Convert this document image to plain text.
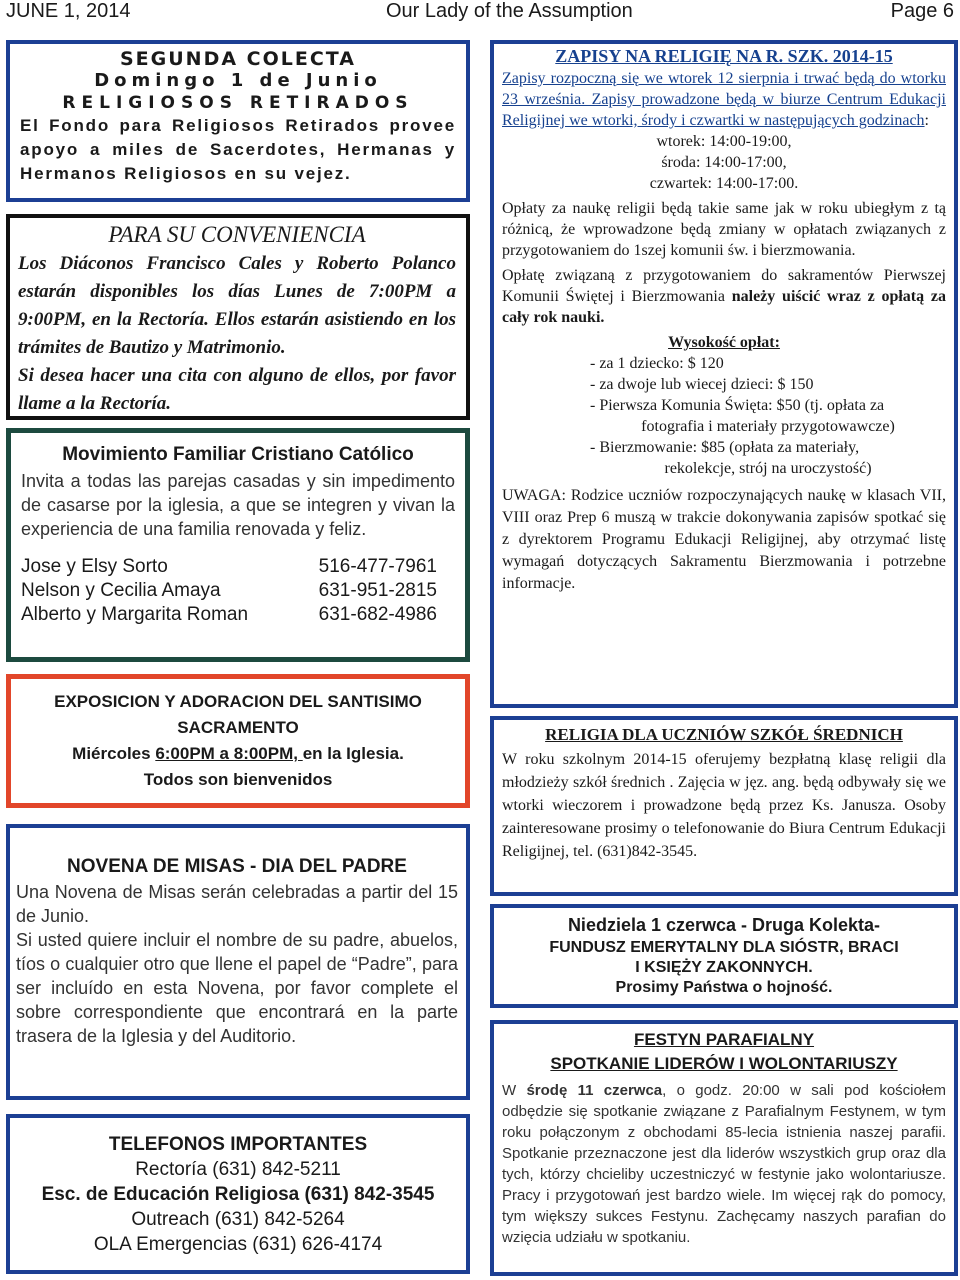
JUNE 1, 2014	Our Lady of the Assumption	Page 6

SEGUNDA COLECTA

Domingo 1 de Junio

RELIGIOSOS RETIRADOS

El Fondo para Religiosos Retirados provee apoyo a miles de Sacerdotes, Hermanas y Hermanos Religiosos en su vejez.

PARA SU CONVENIENCIA

Los Diáconos Francisco Cales y Roberto Polanco estarán disponibles los días Lunes de 7:00PM a 9:00PM, en la Rectoría. Ellos estarán asistiendo en los trámites de Bautizo y Matrimonio.

Si desea hacer una cita con alguno de ellos, por favor llame a la Rectoría.

Movimiento Familiar Cristiano Católico

Invita a todas las parejas casadas y sin impedimento de casarse por la iglesia, a que se integren y vivan la experiencia de una familia renovada y feliz.

Jose y Elsy Sorto	516-477-7961
Nelson y Cecilia Amaya	631-951-2815
Alberto y Margarita Roman	631-682-4986

EXPOSICION Y ADORACION DEL SANTISIMO

SACRAMENTO

Miércoles 6:00PM a 8:00PM, en la Iglesia.

Todos son bienvenidos

NOVENA DE MISAS - DIA DEL PADRE

Una Novena de Misas serán celebradas a partir del 15 de Junio.

Si usted quiere incluir el nombre de su padre, abuelos, tíos o cualquier otro que llene el papel de “Padre”, para ser incluído en esta Novena, por favor complete el sobre correspondiente que encontrará en la parte trasera de la Iglesia y del Auditorio.

TELEFONOS IMPORTANTES

Rectoría (631) 842-5211

Esc. de Educación Religiosa (631) 842-3545

Outreach (631) 842-5264

OLA Emergencias (631) 626-4174

ZAPISY NA RELIGIĘ NA R. SZK. 2014-15

Zapisy rozpoczną się we wtorek 12 sierpnia i trwać będą do wtorku 23 września. Zapisy prowadzone będą w biurze Centrum Edukacji Religijnej we wtorki, środy i czwartki w następujących godzinach:

wtorek: 14:00-19:00,

środa: 14:00-17:00,

czwartek: 14:00-17:00.

Opłaty za naukę religii będą takie same jak w roku ubiegłym z tą różnicą, że wprowadzone będą zmiany w opłatach związanych z przygotowaniem do 1szej komunii św. i bierzmowania.

Opłatę związaną z przygotowaniem do sakramentów Pierwszej Komunii Świętej i Bierzmowania należy uiścić wraz z opłatą za cały rok nauki.

Wysokość opłat:

- za 1 dziecko: $ 120

- za dwoje lub wiecej dzieci: $ 150

- Pierwsza Komunia Święta: $50 (tj. opłata za

fotografia i materiały przygotowawcze)

- Bierzmowanie: $85 (opłata za materiały,

rekolekcje, strój na uroczystość)

UWAGA: Rodzice uczniów rozpoczynających naukę w klasach VII, VIII oraz Prep 6 muszą w trakcie dokonywania zapisów spotkać się z dyrektorem Programu Edukacji Religijnej, aby otrzymać listę wymagań dotyczących Sakramentu Bierzmowania i potrzebne informacje.

RELIGIA DLA UCZNIÓW SZKÓŁ ŚREDNICH

W roku szkolnym 2014-15 oferujemy bezpłatną klasę religii dla młodzieży szkół średnich . Zajęcia w jęz. ang. będą odbywały się we wtorki wieczorem i prowadzone będą przez Ks. Janusza. Osoby zainteresowane prosimy o telefonowanie do Biura Centrum Edukacji Religijnej, tel. (631)842-3545.

Niedziela 1 czerwca - Druga Kolekta-

FUNDUSZ EMERYTALNY DLA SIÓSTR, BRACI

I KSIĘŻY ZAKONNYCH.

Prosimy Państwa o hojność.

FESTYN PARAFIALNY

SPOTKANIE LIDERÓW I WOLONTARIUSZY

W środę 11 czerwca, o godz. 20:00 w sali pod kościołem odbędzie się spotkanie związane z Parafialnym Festynem, w tym roku połączonym z obchodami 85-lecia istnienia naszej parafii. Spotkanie przeznaczone jest dla liderów wszystkich grup oraz dla tych, którzy chcieliby uczestniczyć w festynie jako wolontariusze. Pracy i przygotowań jest bardzo wiele. Im więcej rąk do pomocy, tym większy sukces Festynu. Zachęcamy naszych parafian do wzięcia udziału w spotkaniu.
